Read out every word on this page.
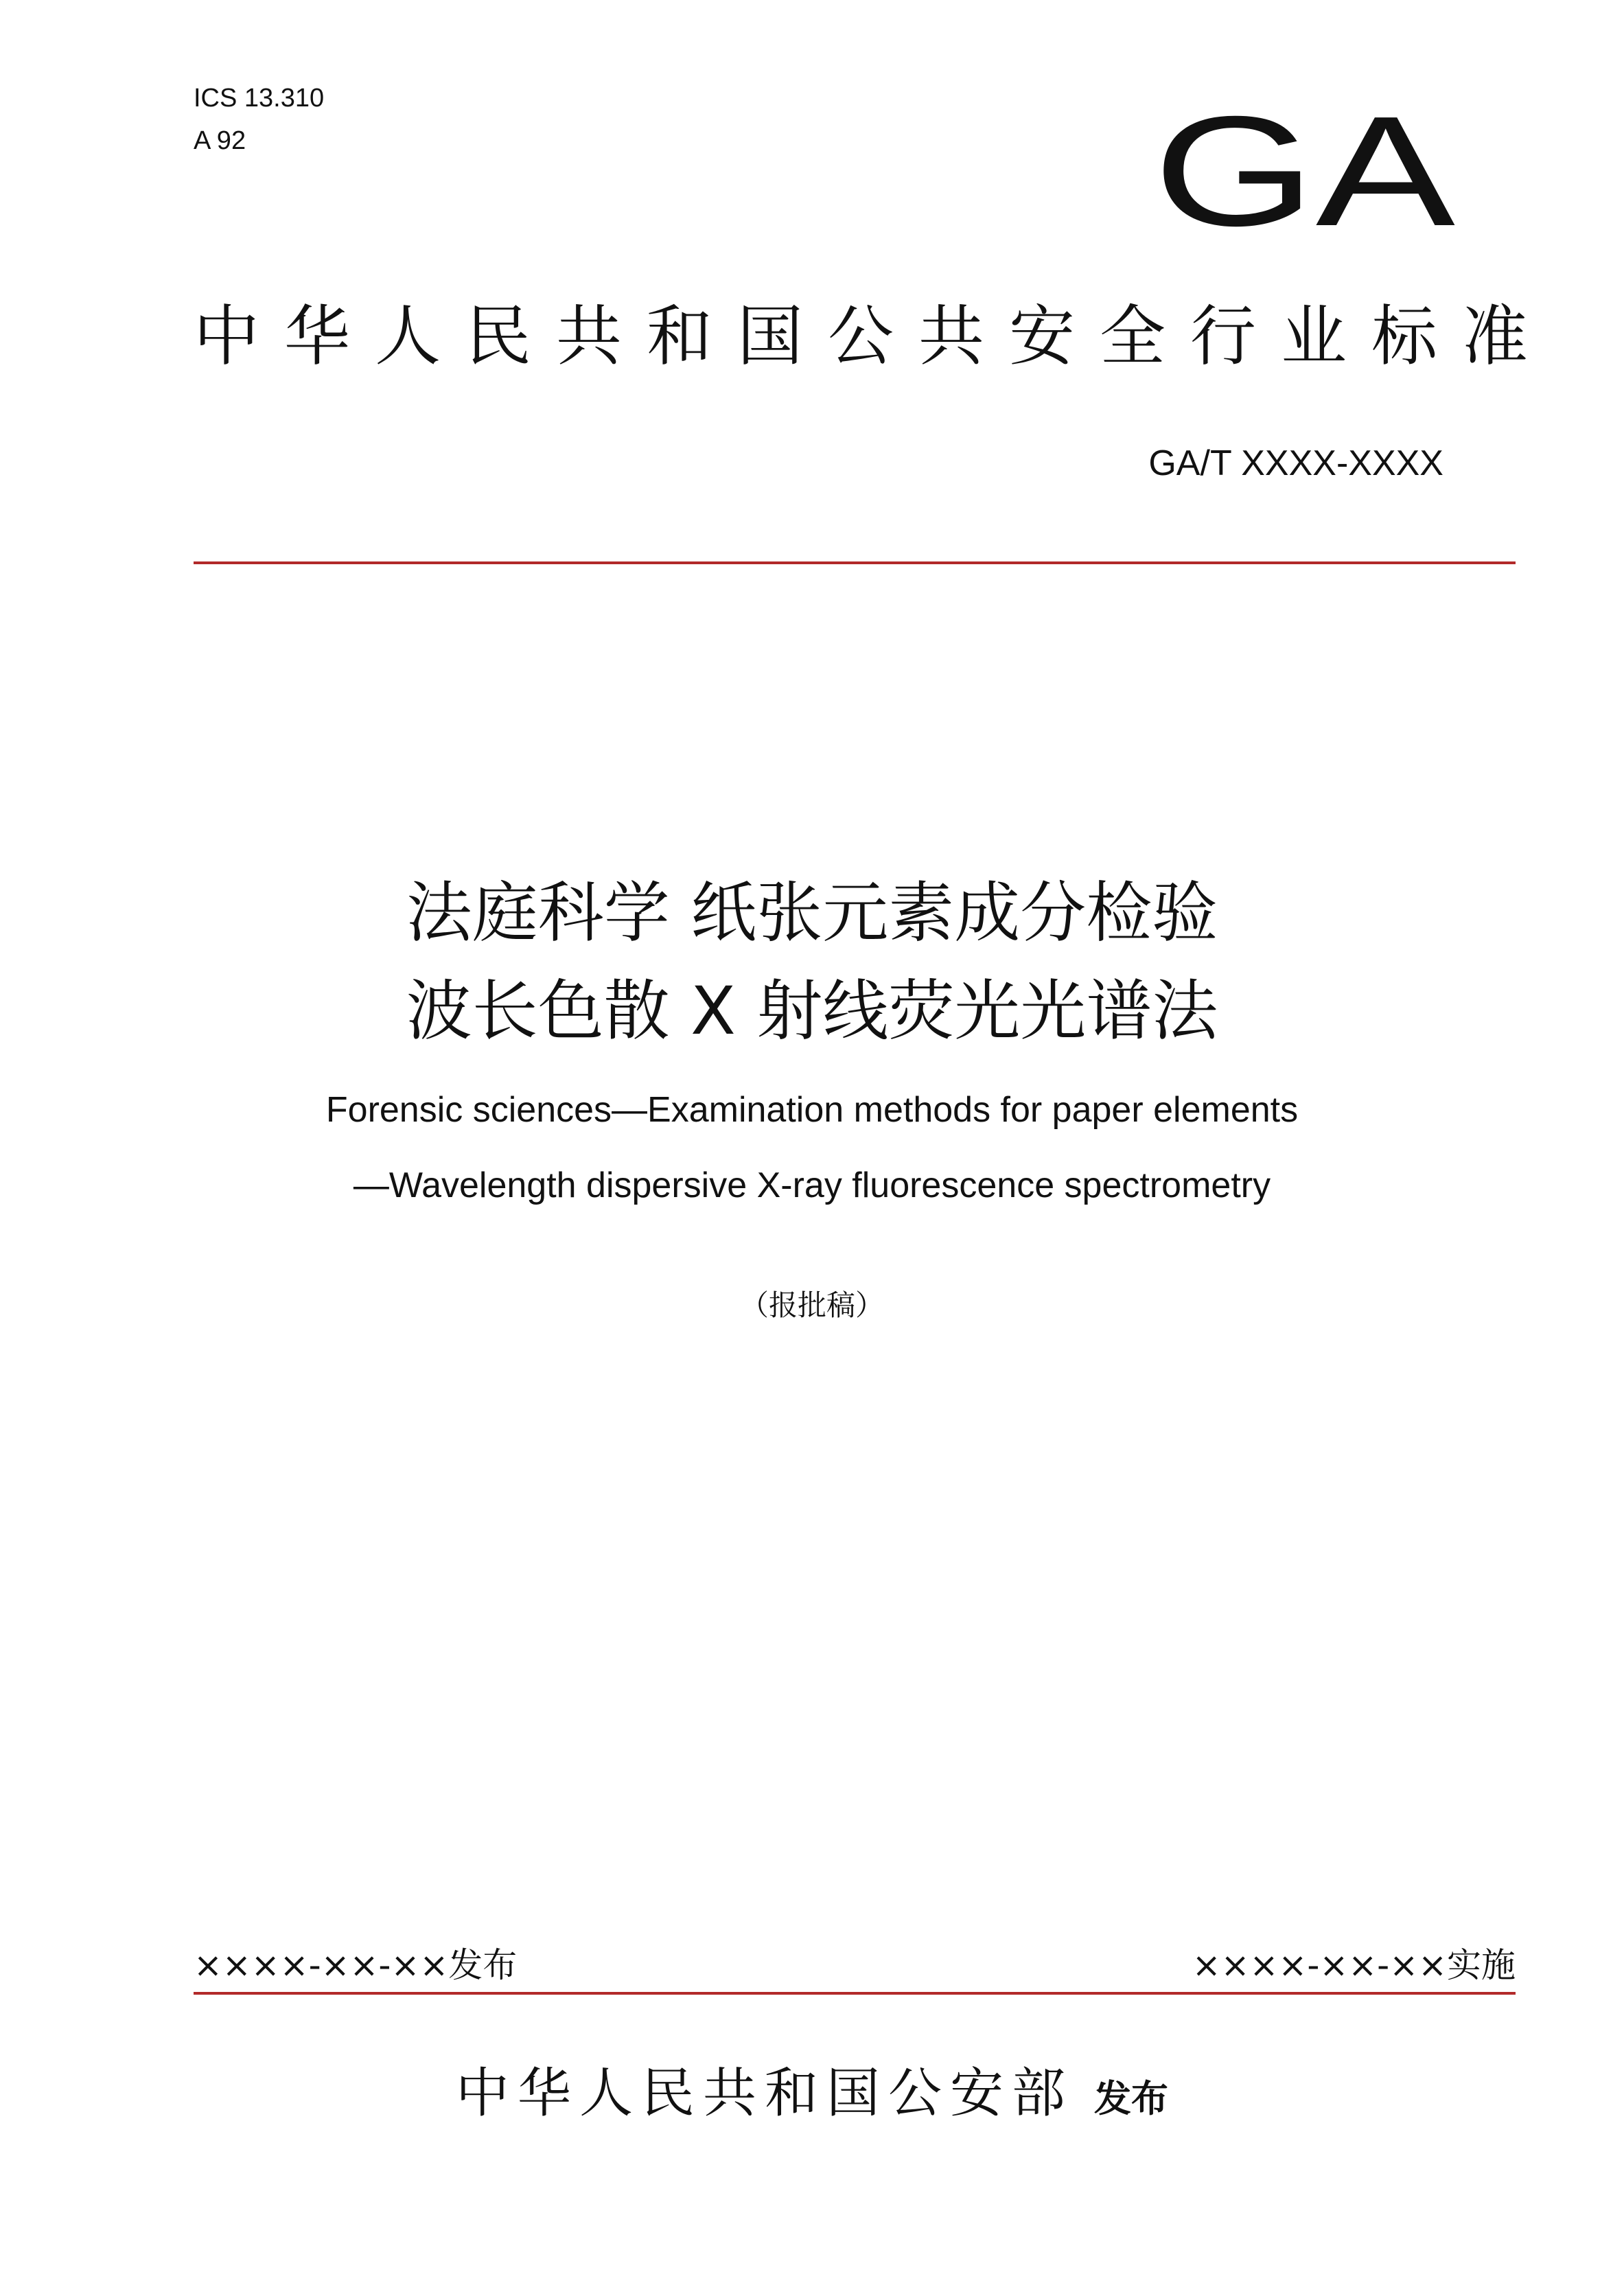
ICS 13.310
A 92	GA
中华人民共和国公共安全行业标准
GA/T XXXX-XXXX
法庭科学 纸张元素成分检验
波长色散 X 射线荧光光谱法
Forensic sciences—Examination methods for paper elements
—Wavelength dispersive X-ray fluorescence spectrometry
（报批稿）
××××-××-××发布	××××-××-××实施
中华人民共和国公安部 发布
